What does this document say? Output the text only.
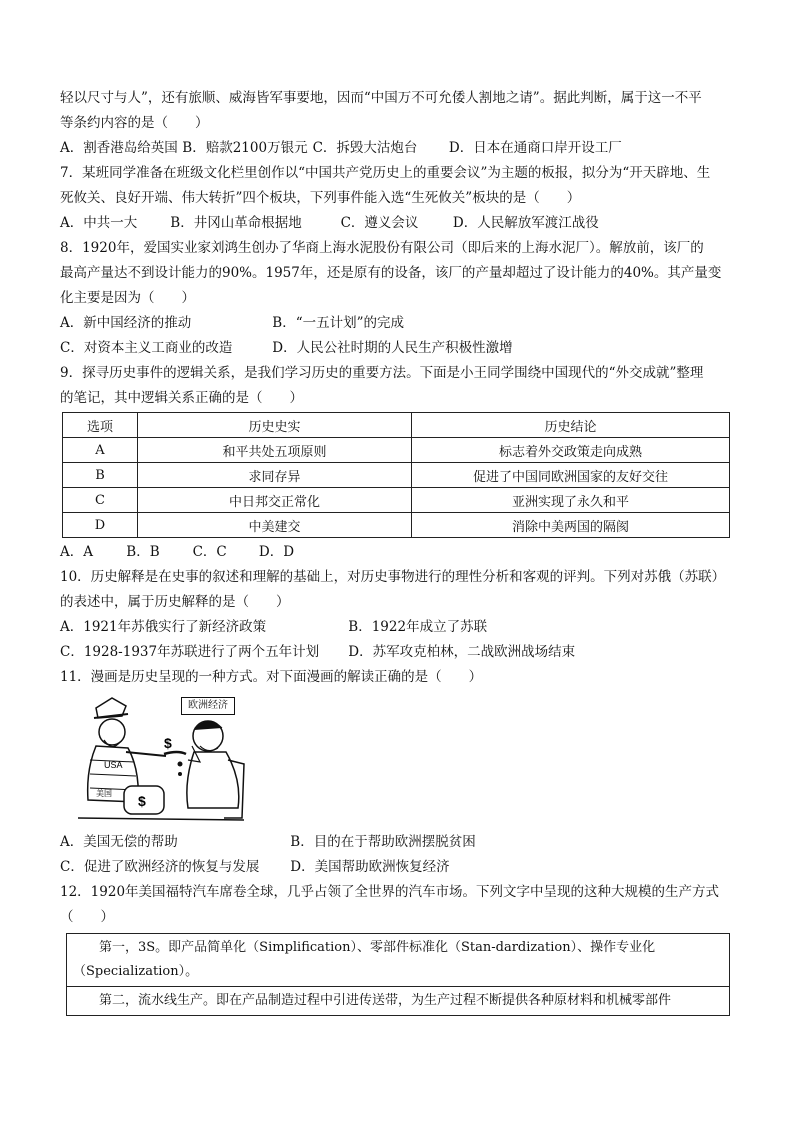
轻以尺寸与人”，还有旅顺、威海皆军事要地，因而“中国万不可允倭人割地之请”。据此判断，属于这一不平
等条约内容的是（　　）
A．割香港岛给英国 B．赔款2100万银元 C．拆毁大沽炮台 D．日本在通商口岸开设工厂
7．某班同学准备在班级文化栏里创作以“中国共产党历史上的重要会议”为主题的板报，拟分为“开天辟地、生
死攸关、良好开端、伟大转折”四个板块，下列事件能入选“生死攸关”板块的是（　　）
A．中共一大 B．井冈山革命根据地	C．遵义会议	D．人民解放军渡江战役
8．1920年，爱国实业家刘鸿生创办了华商上海水泥股份有限公司（即后来的上海水泥厂）。解放前，该厂的
最高产量达不到设计能力的90%。1957年，还是原有的设备，该厂的产量却超过了设计能力的40%。其产量变
化主要是因为（　　）
A．新中国经济的推动	B．“一五计划”的完成
C．对资本主义工商业的改造	D．人民公社时期的人民生产积极性激增
9．探寻历史事件的逻辑关系，是我们学习历史的重要方法。下面是小王同学围绕中国现代的“外交成就”整理
的笔记，其中逻辑关系正确的是（　　）
选项	历史史实	历史结论
A	和平共处五项原则	标志着外交政策走向成熟
B	求同存异	促进了中国同欧洲国家的友好交往
C	中日邦交正常化	亚洲实现了永久和平
D	中美建交	消除中美两国的隔阂
A．A B．B C．C D．D
10．历史解释是在史事的叙述和理解的基础上，对历史事物进行的理性分析和客观的评判。下列对苏俄（苏联）
的表述中，属于历史解释的是（　　）
A．1921年苏俄实行了新经济政策	B．1922年成立了苏联
C．1928-1937年苏联进行了两个五年计划 D．苏军攻克柏林，二战欧洲战场结束
11．漫画是历史呈现的一种方式。对下面漫画的解读正确的是（　　）
USA
美国
$
$
欧洲经济
A．美国无偿的帮助	B．目的在于帮助欧洲摆脱贫困
C．促进了欧洲经济的恢复与发展 D．美国帮助欧洲恢复经济
12．1920年美国福特汽车席卷全球，几乎占领了全世界的汽车市场。下列文字中呈现的这种大规模的生产方式
（　　）
第一，3S。即产品简单化（Simplification）、零部件标准化（Stan-dardization）、操作专业化
（Specialization）。

第二，流水线生产。即在产品制造过程中引进传送带，为生产过程不断提供各种原材料和机械零部件
